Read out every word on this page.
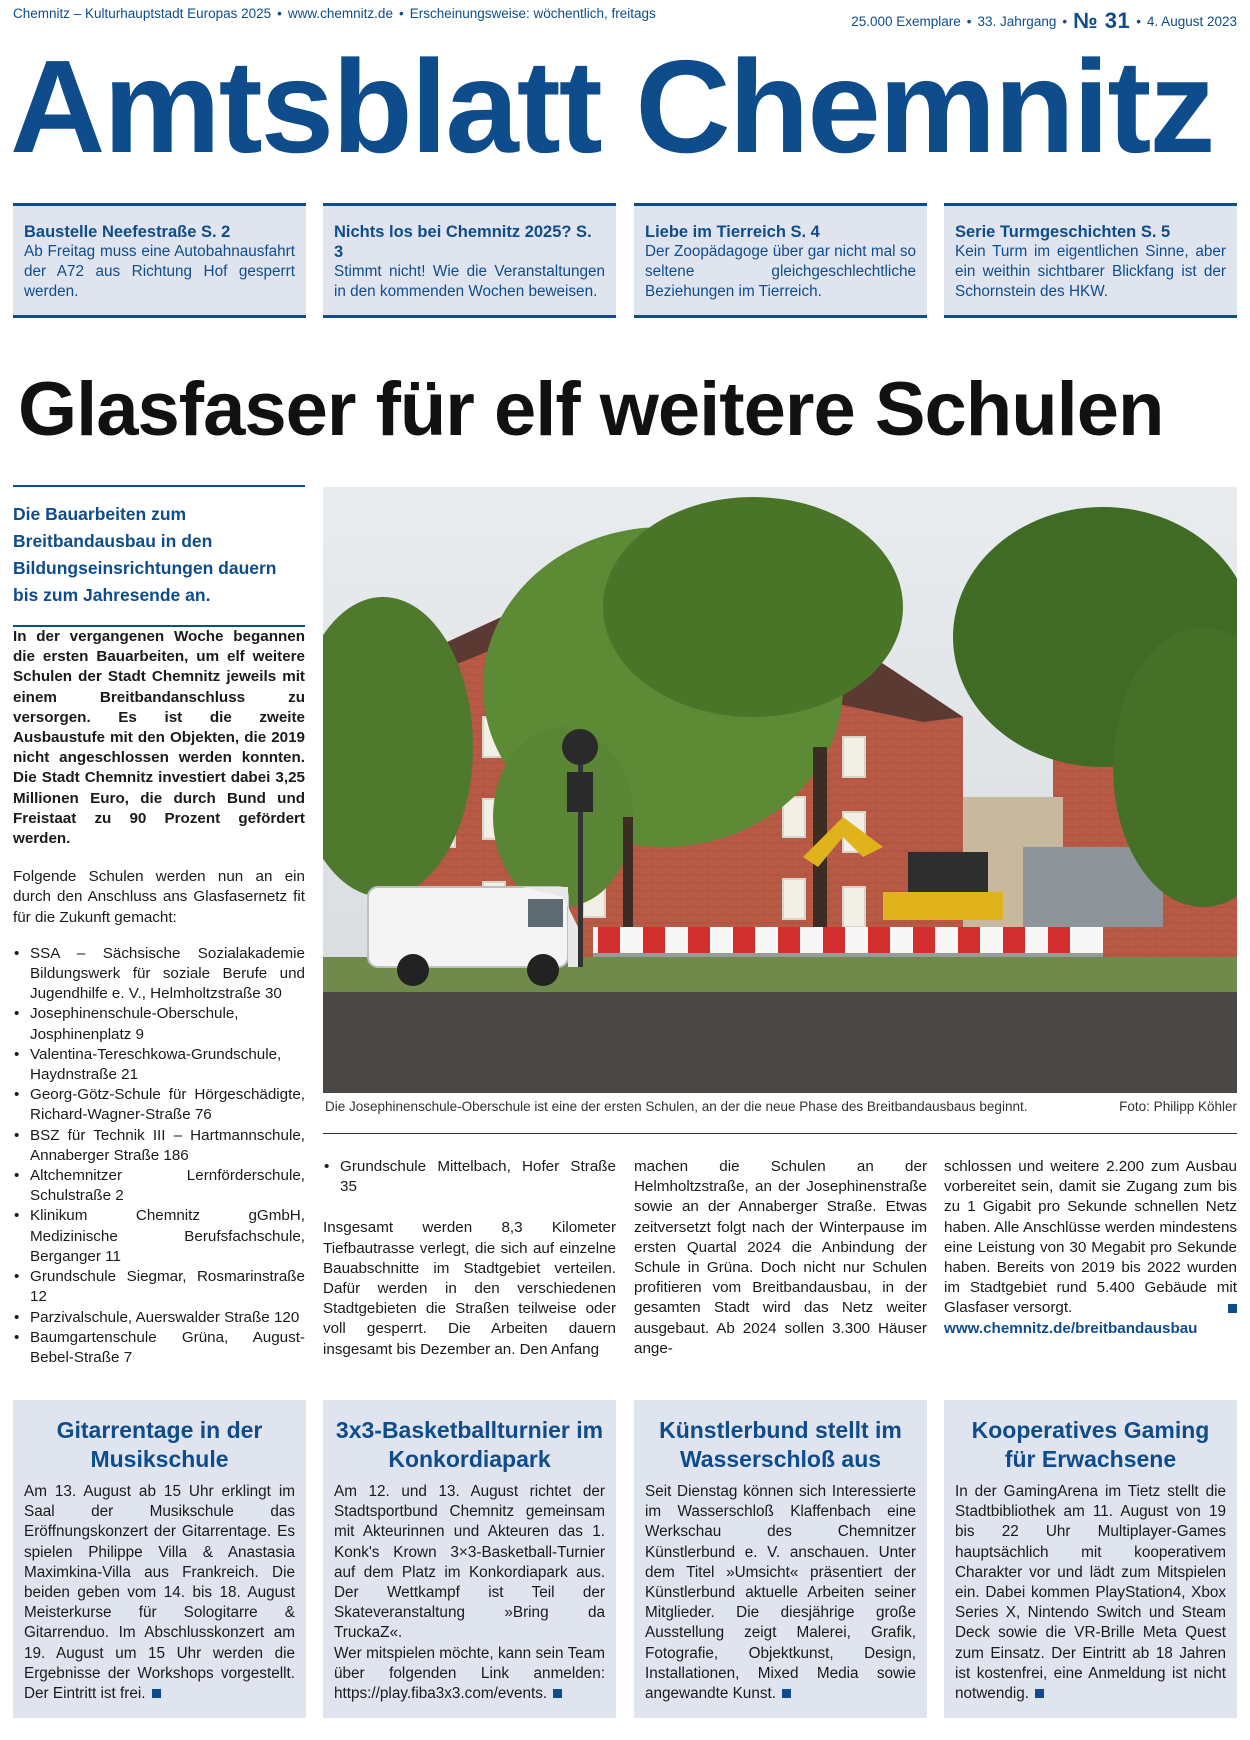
Chemnitz – Kulturhauptstadt Europas 2025 • www.chemnitz.de • Erscheinungsweise: wöchentlich, freitags
25.000 Exemplare • 33. Jahrgang • № 31 • 4. August 2023
Amtsblatt Chemnitz
Baustelle Neefestraße S. 2
Ab Freitag muss eine Autobahnausfahrt der A72 aus Richtung Hof gesperrt werden.
Nichts los bei Chemnitz 2025? S. 3
Stimmt nicht! Wie die Veranstaltungen in den kommenden Wochen beweisen.
Liebe im Tierreich S. 4
Der Zoopädagoge über gar nicht mal so seltene gleichgeschlechtliche Beziehungen im Tierreich.
Serie Turmgeschichten S. 5
Kein Turm im eigentlichen Sinne, aber ein weithin sichtbarer Blickfang ist der Schornstein des HKW.
Glasfaser für elf weitere Schulen

Die Bauarbeiten zum Breitbandausbau in den Bildungseinsrichtungen dauern bis zum Jahresende an.

In der vergangenen Woche begannen die ersten Bauarbeiten, um elf weitere Schulen der Stadt Chemnitz jeweils mit einem Breitbandanschluss zu versorgen. Es ist die zweite Ausbaustufe mit den Objekten, die 2019 nicht angeschlossen werden konnten. Die Stadt Chemnitz investiert dabei 3,25 Millionen Euro, die durch Bund und Freistaat zu 90 Prozent gefördert werden.

Folgende Schulen werden nun an ein durch den Anschluss ans Glasfasernetz fit für die Zukunft gemacht:

• SSA – Sächsische Sozialakademie Bildungswerk für soziale Berufe und Jugendhilfe e. V., Helmholtzstraße 30
• Josephinenschule-Oberschule, Josphinenplatz 9
• Valentina-Tereschkowa-Grundschule, Haydnstraße 21
• Georg-Götz-Schule für Hörgeschädigte, Richard-Wagner-Straße 76
• BSZ für Technik III – Hartmannschule, Annaberger Straße 186
• Altchemnitzer Lernförderschule, Schulstraße 2
• Klinikum Chemnitz gGmbH, Medizinische Berufsfachschule, Berganger 11
• Grundschule Siegmar, Rosmarinstraße 12
• Parzivalschule, Auerswalder Straße 120
• Baumgartenschule Grüna, August-Bebel-Straße 7
Die Josephinenschule-Oberschule ist eine der ersten Schulen, an der die neue Phase des Breitbandausbaus beginnt.	Foto: Philipp Köhler
• Grundschule Mittelbach, Hofer Straße 35

Insgesamt werden 8,3 Kilometer Tiefbautrasse verlegt, die sich auf einzelne Bauabschnitte im Stadtgebiet verteilen. Dafür werden in den verschiedenen Stadtgebieten die Straßen teilweise oder voll gesperrt. Die Arbeiten dauern insgesamt bis Dezember an. Den Anfang

machen die Schulen an der Helmholtzstraße, an der Josephinenstraße sowie an der Annaberger Straße. Etwas zeitversetzt folgt nach der Winterpause im ersten Quartal 2024 die Anbindung der Schule in Grüna. Doch nicht nur Schulen profitieren vom Breitbandausbau, in der gesamten Stadt wird das Netz weiter ausgebaut. Ab 2024 sollen 3.300 Häuser ange-

schlossen und weitere 2.200 zum Ausbau vorbereitet sein, damit sie Zugang zum bis zu 1 Gigabit pro Sekunde schnellen Netz haben. Alle Anschlüsse werden mindestens eine Leistung von 30 Megabit pro Sekunde haben. Bereits von 2019 bis 2022 wurden im Stadtgebiet rund 5.400 Gebäude mit Glasfaser versorgt.

www.chemnitz.de/breitbandausbau
Gitarrentage in der Musikschule

Am 13. August ab 15 Uhr erklingt im Saal der Musikschule das Eröffnungskonzert der Gitarrentage. Es spielen Philippe Villa & Anastasia Maximkina-Villa aus Frankreich. Die beiden geben vom 14. bis 18. August Meisterkurse für Sologitarre & Gitarrenduo. Im Abschlusskonzert am 19. August um 15 Uhr werden die Ergebnisse der Workshops vorgestellt. Der Eintritt ist frei.

3x3-Basketballturnier im Konkordiapark

Am 12. und 13. August richtet der Stadtsportbund Chemnitz gemeinsam mit Akteurinnen und Akteuren das 1. Konk's Krown 3×3-Basketball-Turnier auf dem Platz im Konkordiapark aus. Der Wettkampf ist Teil der Skateveranstaltung »Bring da TruckaZ«.

Wer mitspielen möchte, kann sein Team über folgenden Link anmelden: https://play.fiba3x3.com/events.

Künstlerbund stellt im Wasserschloß aus

Seit Dienstag können sich Interessierte im Wasserschloß Klaffenbach eine Werkschau des Chemnitzer Künstlerbund e. V. anschauen. Unter dem Titel »Umsicht« präsentiert der Künstlerbund aktuelle Arbeiten seiner Mitglieder. Die diesjährige große Ausstellung zeigt Malerei, Grafik, Fotografie, Objektkunst, Design, Installationen, Mixed Media sowie angewandte Kunst.

Kooperatives Gaming für Erwachsene

In der GamingArena im Tietz stellt die Stadtbibliothek am 11. August von 19 bis 22 Uhr Multiplayer-Games hauptsächlich mit kooperativem Charakter vor und lädt zum Mitspielen ein. Dabei kommen PlayStation4, Xbox Series X, Nintendo Switch und Steam Deck sowie die VR-Brille Meta Quest zum Einsatz. Der Eintritt ab 18 Jahren ist kostenfrei, eine Anmeldung ist nicht notwendig.
